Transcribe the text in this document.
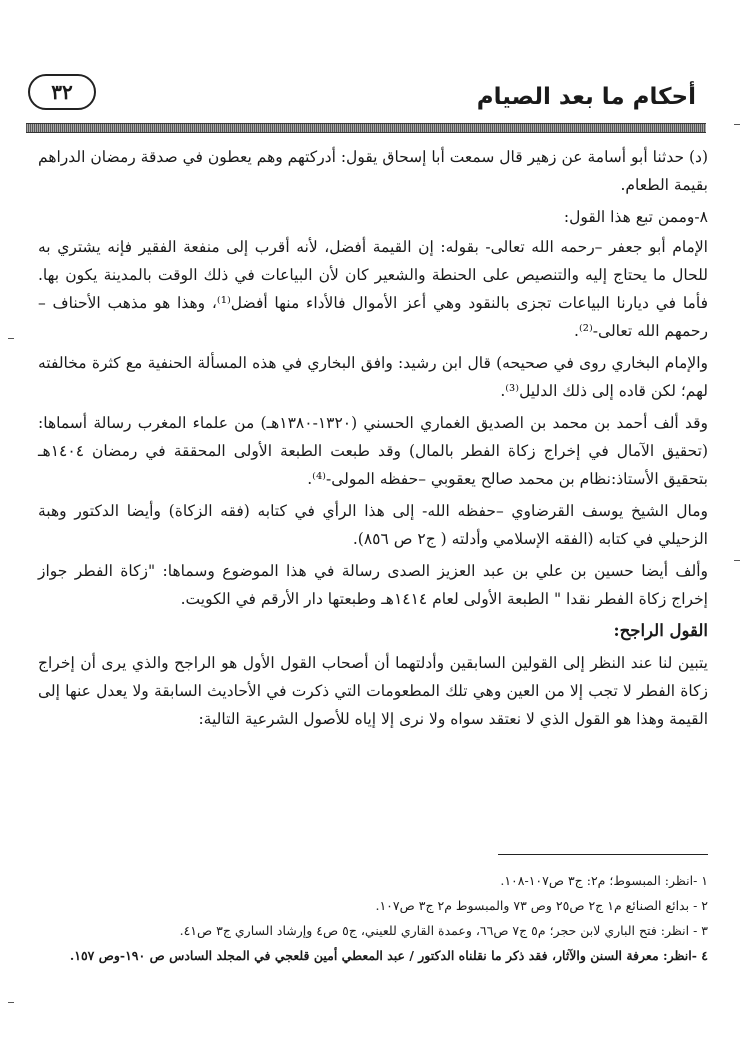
أحكام ما بعد الصيام
٣٢

(د) حدثنا أبو أسامة عن زهير قال سمعت أبا إسحاق يقول: أدركتهم وهم يعطون في صدقة رمضان الدراهم بقيمة الطعام.

٨-وممن تبع هذا القول:

الإمام أبو جعفر –رحمه الله تعالى- بقوله: إن القيمة أفضل، لأنه أقرب إلى منفعة الفقير فإنه يشتري به للحال ما يحتاج إليه والتنصيص على الحنطة والشعير كان لأن البياعات في ذلك الوقت بالمدينة يكون بها. فأما في ديارنا البياعات تجزى بالنقود وهي أعز الأموال فالأداء منها أفضل⁽¹⁾، وهذا هو مذهب الأحناف –رحمهم الله تعالى-⁽²⁾.

والإمام البخاري روى في صحيحه) قال ابن رشيد: وافق البخاري في هذه المسألة الحنفية مع كثرة مخالفته لهم؛ لكن قاده إلى ذلك الدليل⁽³⁾.

وقد ألف أحمد بن محمد بن الصديق الغماري الحسني (١٣٢٠-١٣٨٠هـ) من علماء المغرب رسالة أسماها:(تحقيق الآمال في إخراج زكاة الفطر بالمال) وقد طبعت الطبعة الأولى المحققة في رمضان ١٤٠٤هـ بتحقيق الأستاذ:نظام بن محمد صالح يعقوبي –حفظه المولى-⁽⁴⁾.

ومال الشيخ يوسف القرضاوي –حفظه الله- إلى هذا الرأي في كتابه (فقه الزكاة) وأيضا الدكتور وهبة الزحيلي في كتابه (الفقه الإسلامي وأدلته ( ج٢ ص ٨٥٦).

وألف أيضا حسين بن علي بن عبد العزيز الصدى رسالة في هذا الموضوع وسماها: "زكاة الفطر جواز إخراج زكاة الفطر نقدا " الطبعة الأولى لعام ١٤١٤هـ وطبعتها دار الأرقم في الكويت.

القول الراجح:

يتبين لنا عند النظر إلى القولين السابقين وأدلتهما أن أصحاب القول الأول هو الراجح والذي يرى أن إخراج زكاة الفطر لا تجب إلا من العين وهي تلك المطعومات التي ذكرت في الأحاديث السابقة ولا يعدل عنها إلى القيمة وهذا هو القول الذي لا نعتقد سواه ولا نرى إلا إياه للأصول الشرعية التالية:

١ -انظر: المبسوط؛ م٢: ج٣ ص١٠٧-١٠٨.
٢ - بدائع الصنائع م١ ج٢ ص٢٥ وص ٧٣ والمبسوط م٢ ج٣ ص١٠٧.
٣ - انظر: فتح الباري لابن حجر؛ م٥ ج٧ ص٦٦، وعمدة القاري للعيني، ج٥ ص٤ وإرشاد الساري ج٣ ص٤١.
٤ -انظر: معرفة السنن والآثار، فقد ذكر ما نقلناه الدكتور / عبد المعطي أمين قلعجي في المجلد السادس ص ١٩٠-وص ١٥٧.
